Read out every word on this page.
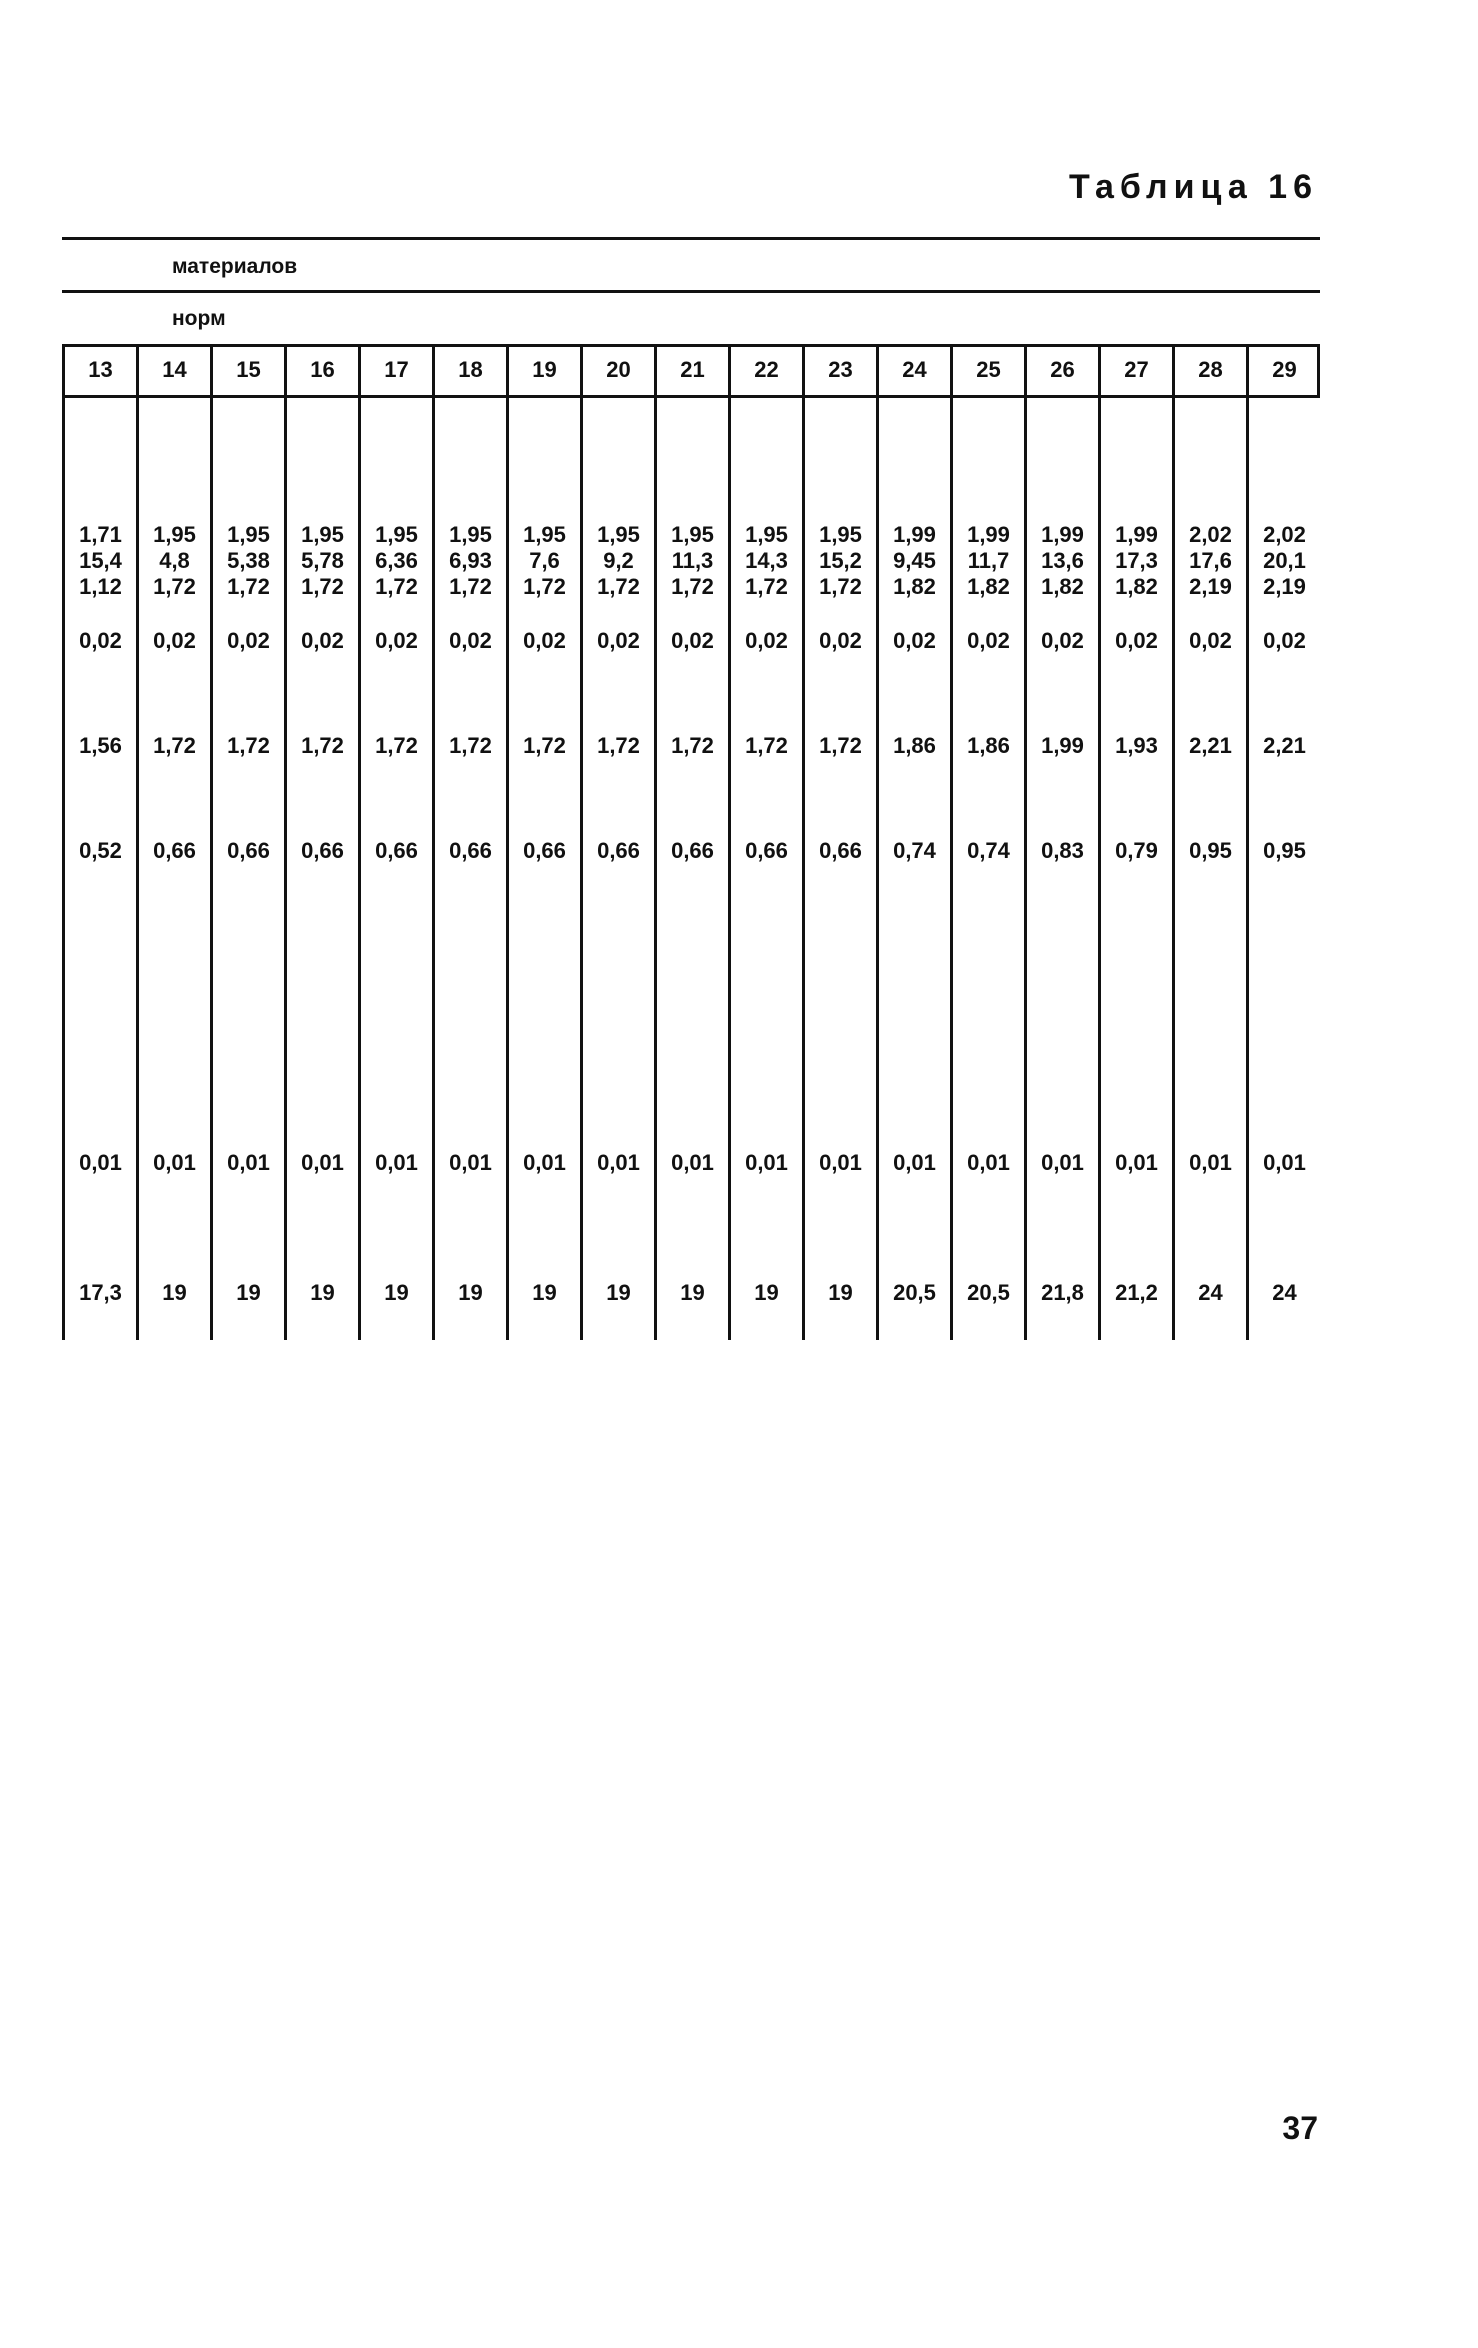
Таблица 16
материалов
норм
13
1,71
15,4
1,12
0,02
1,56
0,52
0,01
17,3
14
1,95
4,8
1,72
0,02
1,72
0,66
0,01
19
15
1,95
5,38
1,72
0,02
1,72
0,66
0,01
19
16
1,95
5,78
1,72
0,02
1,72
0,66
0,01
19
17
1,95
6,36
1,72
0,02
1,72
0,66
0,01
19
18
1,95
6,93
1,72
0,02
1,72
0,66
0,01
19
19
1,95
7,6
1,72
0,02
1,72
0,66
0,01
19
20
1,95
9,2
1,72
0,02
1,72
0,66
0,01
19
21
1,95
11,3
1,72
0,02
1,72
0,66
0,01
19
22
1,95
14,3
1,72
0,02
1,72
0,66
0,01
19
23
1,95
15,2
1,72
0,02
1,72
0,66
0,01
19
24
1,99
9,45
1,82
0,02
1,86
0,74
0,01
20,5
25
1,99
11,7
1,82
0,02
1,86
0,74
0,01
20,5
26
1,99
13,6
1,82
0,02
1,99
0,83
0,01
21,8
27
1,99
17,3
1,82
0,02
1,93
0,79
0,01
21,2
28
2,02
17,6
2,19
0,02
2,21
0,95
0,01
24
29
2,02
20,1
2,19
0,02
2,21
0,95
0,01
24
37
